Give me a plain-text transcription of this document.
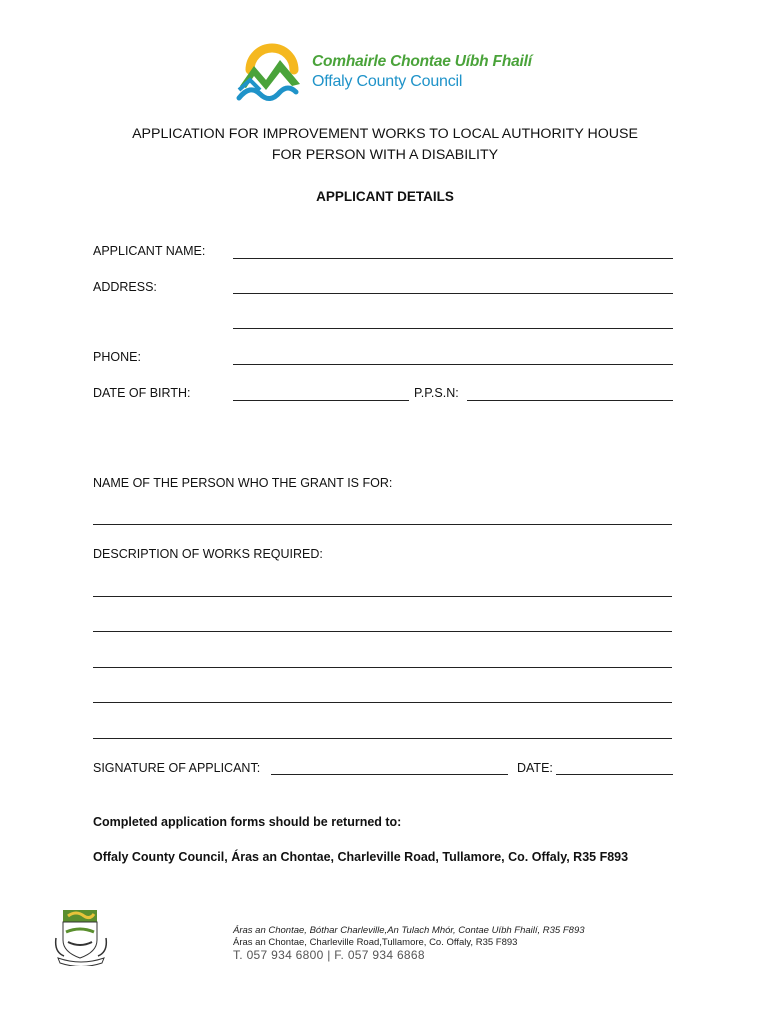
Comhairle Chontae Uíbh Fhailí
Offaly County Council
APPLICATION FOR IMPROVEMENT WORKS TO LOCAL AUTHORITY HOUSE
FOR PERSON WITH A DISABILITY
APPLICANT DETAILS
APPLICANT NAME:
ADDRESS:
PHONE:
DATE OF BIRTH:	P.P.S.N:
NAME OF THE PERSON WHO THE GRANT IS FOR:
DESCRIPTION OF WORKS REQUIRED:
SIGNATURE OF APPLICANT:	DATE:
Completed application forms should be returned to:
Offaly County Council, Áras an Chontae, Charleville Road, Tullamore, Co. Offaly, R35 F893
Áras an Chontae, Bóthar Charleville,An Tulach Mhór, Contae Uíbh Fhailí, R35 F893
Áras an Chontae, Charleville Road,Tullamore, Co. Offaly, R35 F893
T. 057 934 6800 | F. 057 934 6868
